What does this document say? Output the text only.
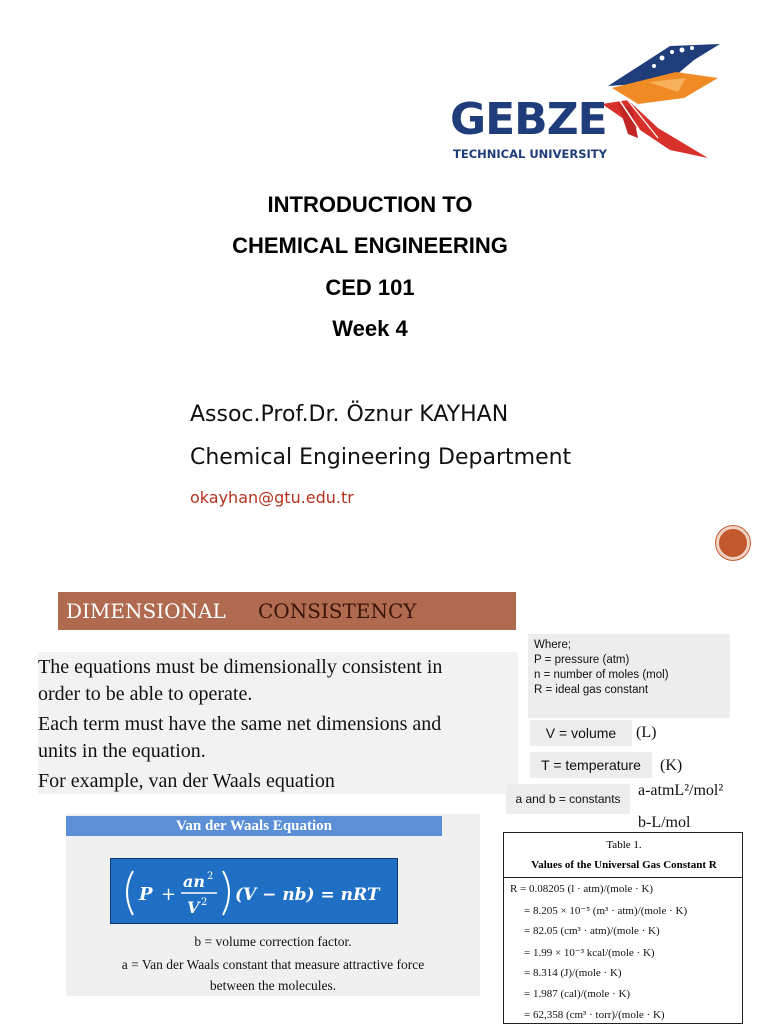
GEBZE
TECHNICAL UNIVERSITY
INTRODUCTION TO
CHEMICAL ENGINEERING
CED 101
Week 4
Assoc.Prof.Dr. Öznur KAYHAN
Chemical Engineering Department
okayhan@gtu.edu.tr
DIMENSIONAL CONSISTENCY
The equations must be dimensionally consistent in
order to be able to operate.
Each term must have the same net dimensions and
units in the equation.
For example, van der Waals equation
Where;
P = pressure (atm)
n = number of moles (mol)
R = ideal gas constant
V = volume	(L)
T = temperature	(K)
a and b = constants	a-atmL²/mol²
b-L/mol
Van der Waals Equation
P +
an 2
V 2 (V − nb) = nRT
b = volume correction factor.
a = Van der Waals constant that measure attractive force
between the molecules.
Table 1.
Values of the Universal Gas Constant R
R = 0.08205 (l · atm)/(mole · K)
= 8.205 × 10⁻⁵ (m³ · atm)/(mole · K)
= 82.05 (cm³ · atm)/(mole · K)
= 1.99 × 10⁻³ kcal/(mole · K)
= 8.314 (J)/(mole · K)
= 1.987 (cal)/(mole · K)
= 62,358 (cm³ · torr)/(mole · K)
